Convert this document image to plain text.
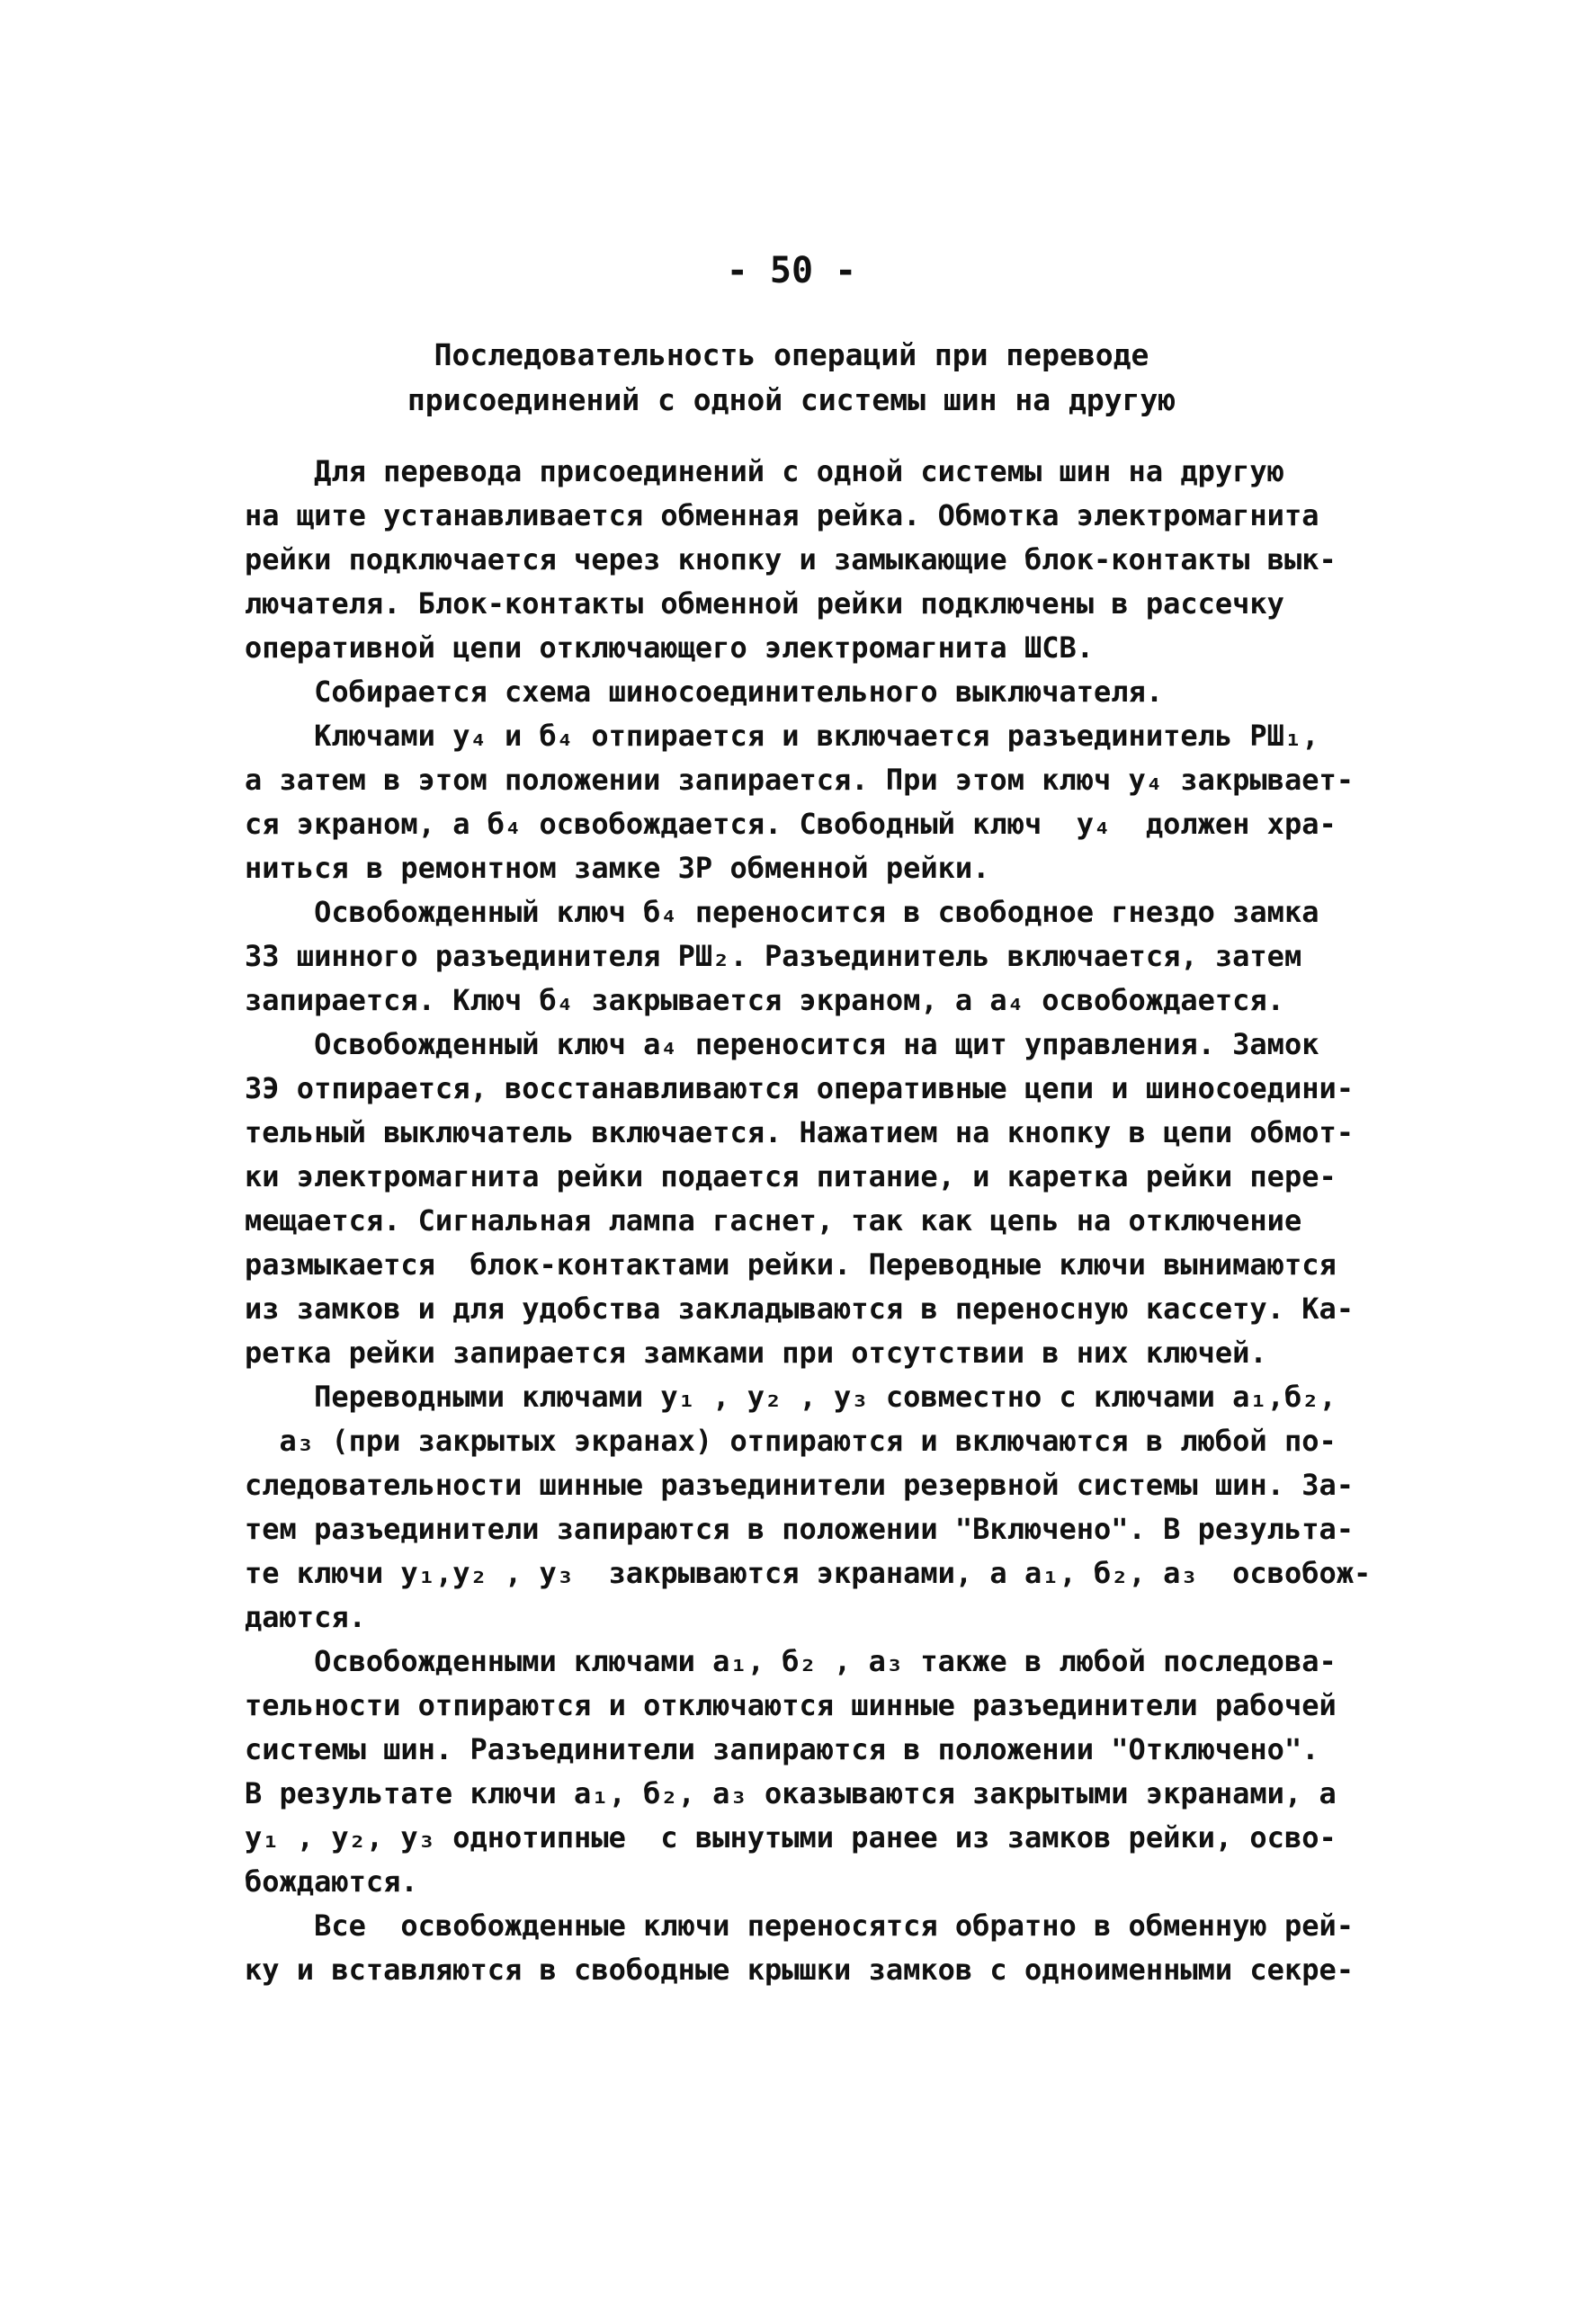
- 50 -
Последовательность операций при переводе
присоединений с одной системы шин на другую
Для перевода присоединений с одной системы шин на другую
на щите устанавливается обменная рейка. Обмотка электромагнита
рейки подключается через кнопку и замыкающие блок-контакты вык-
лючателя. Блок-контакты обменной рейки подключены в рассечку
оперативной цепи отключающего электромагнита ШСВ.
Собирается схема шиносоединительного выключателя.
Ключами у₄ и б₄ отпирается и включается разъединитель РШ₁,
а затем в этом положении запирается. При этом ключ у₄ закрывает-
ся экраном, а б₄ освобождается. Свободный ключ  у₄  должен хра-
ниться в ремонтном замке ЗР обменной рейки.
Освобожденный ключ б₄ переносится в свободное гнездо замка
ЗЗ шинного разъединителя РШ₂. Разъединитель включается, затем
запирается. Ключ б₄ закрывается экраном, а а₄ освобождается.
Освобожденный ключ а₄ переносится на щит управления. Замок
ЗЭ отпирается, восстанавливаются оперативные цепи и шиносоедини-
тельный выключатель включается. Нажатием на кнопку в цепи обмот-
ки электромагнита рейки подается питание, и каретка рейки пере-
мещается. Сигнальная лампа гаснет, так как цепь на отключение
размыкается  блок-контактами рейки. Переводные ключи вынимаются
из замков и для удобства закладываются в переносную кассету. Ка-
ретка рейки запирается замками при отсутствии в них ключей.
Переводными ключами у₁ , у₂ , у₃ совместно с ключами а₁,б₂,
а₃ (при закрытых экранах) отпираются и включаются в любой по-
следовательности шинные разъединители резервной системы шин. За-
тем разъединители запираются в положении "Включено". В результа-
те ключи у₁,у₂ , у₃  закрываются экранами, а а₁, б₂, а₃  освобож-
даются.
Освобожденными ключами а₁, б₂ , а₃ также в любой последова-
тельности отпираются и отключаются шинные разъединители рабочей
системы шин. Разъединители запираются в положении "Отключено".
В результате ключи а₁, б₂, а₃ оказываются закрытыми экранами, а
у₁ , у₂, у₃ однотипные  с вынутыми ранее из замков рейки, осво-
бождаются.
Все  освобожденные ключи переносятся обратно в обменную рей-
ку и вставляются в свободные крышки замков с одноименными секре-
